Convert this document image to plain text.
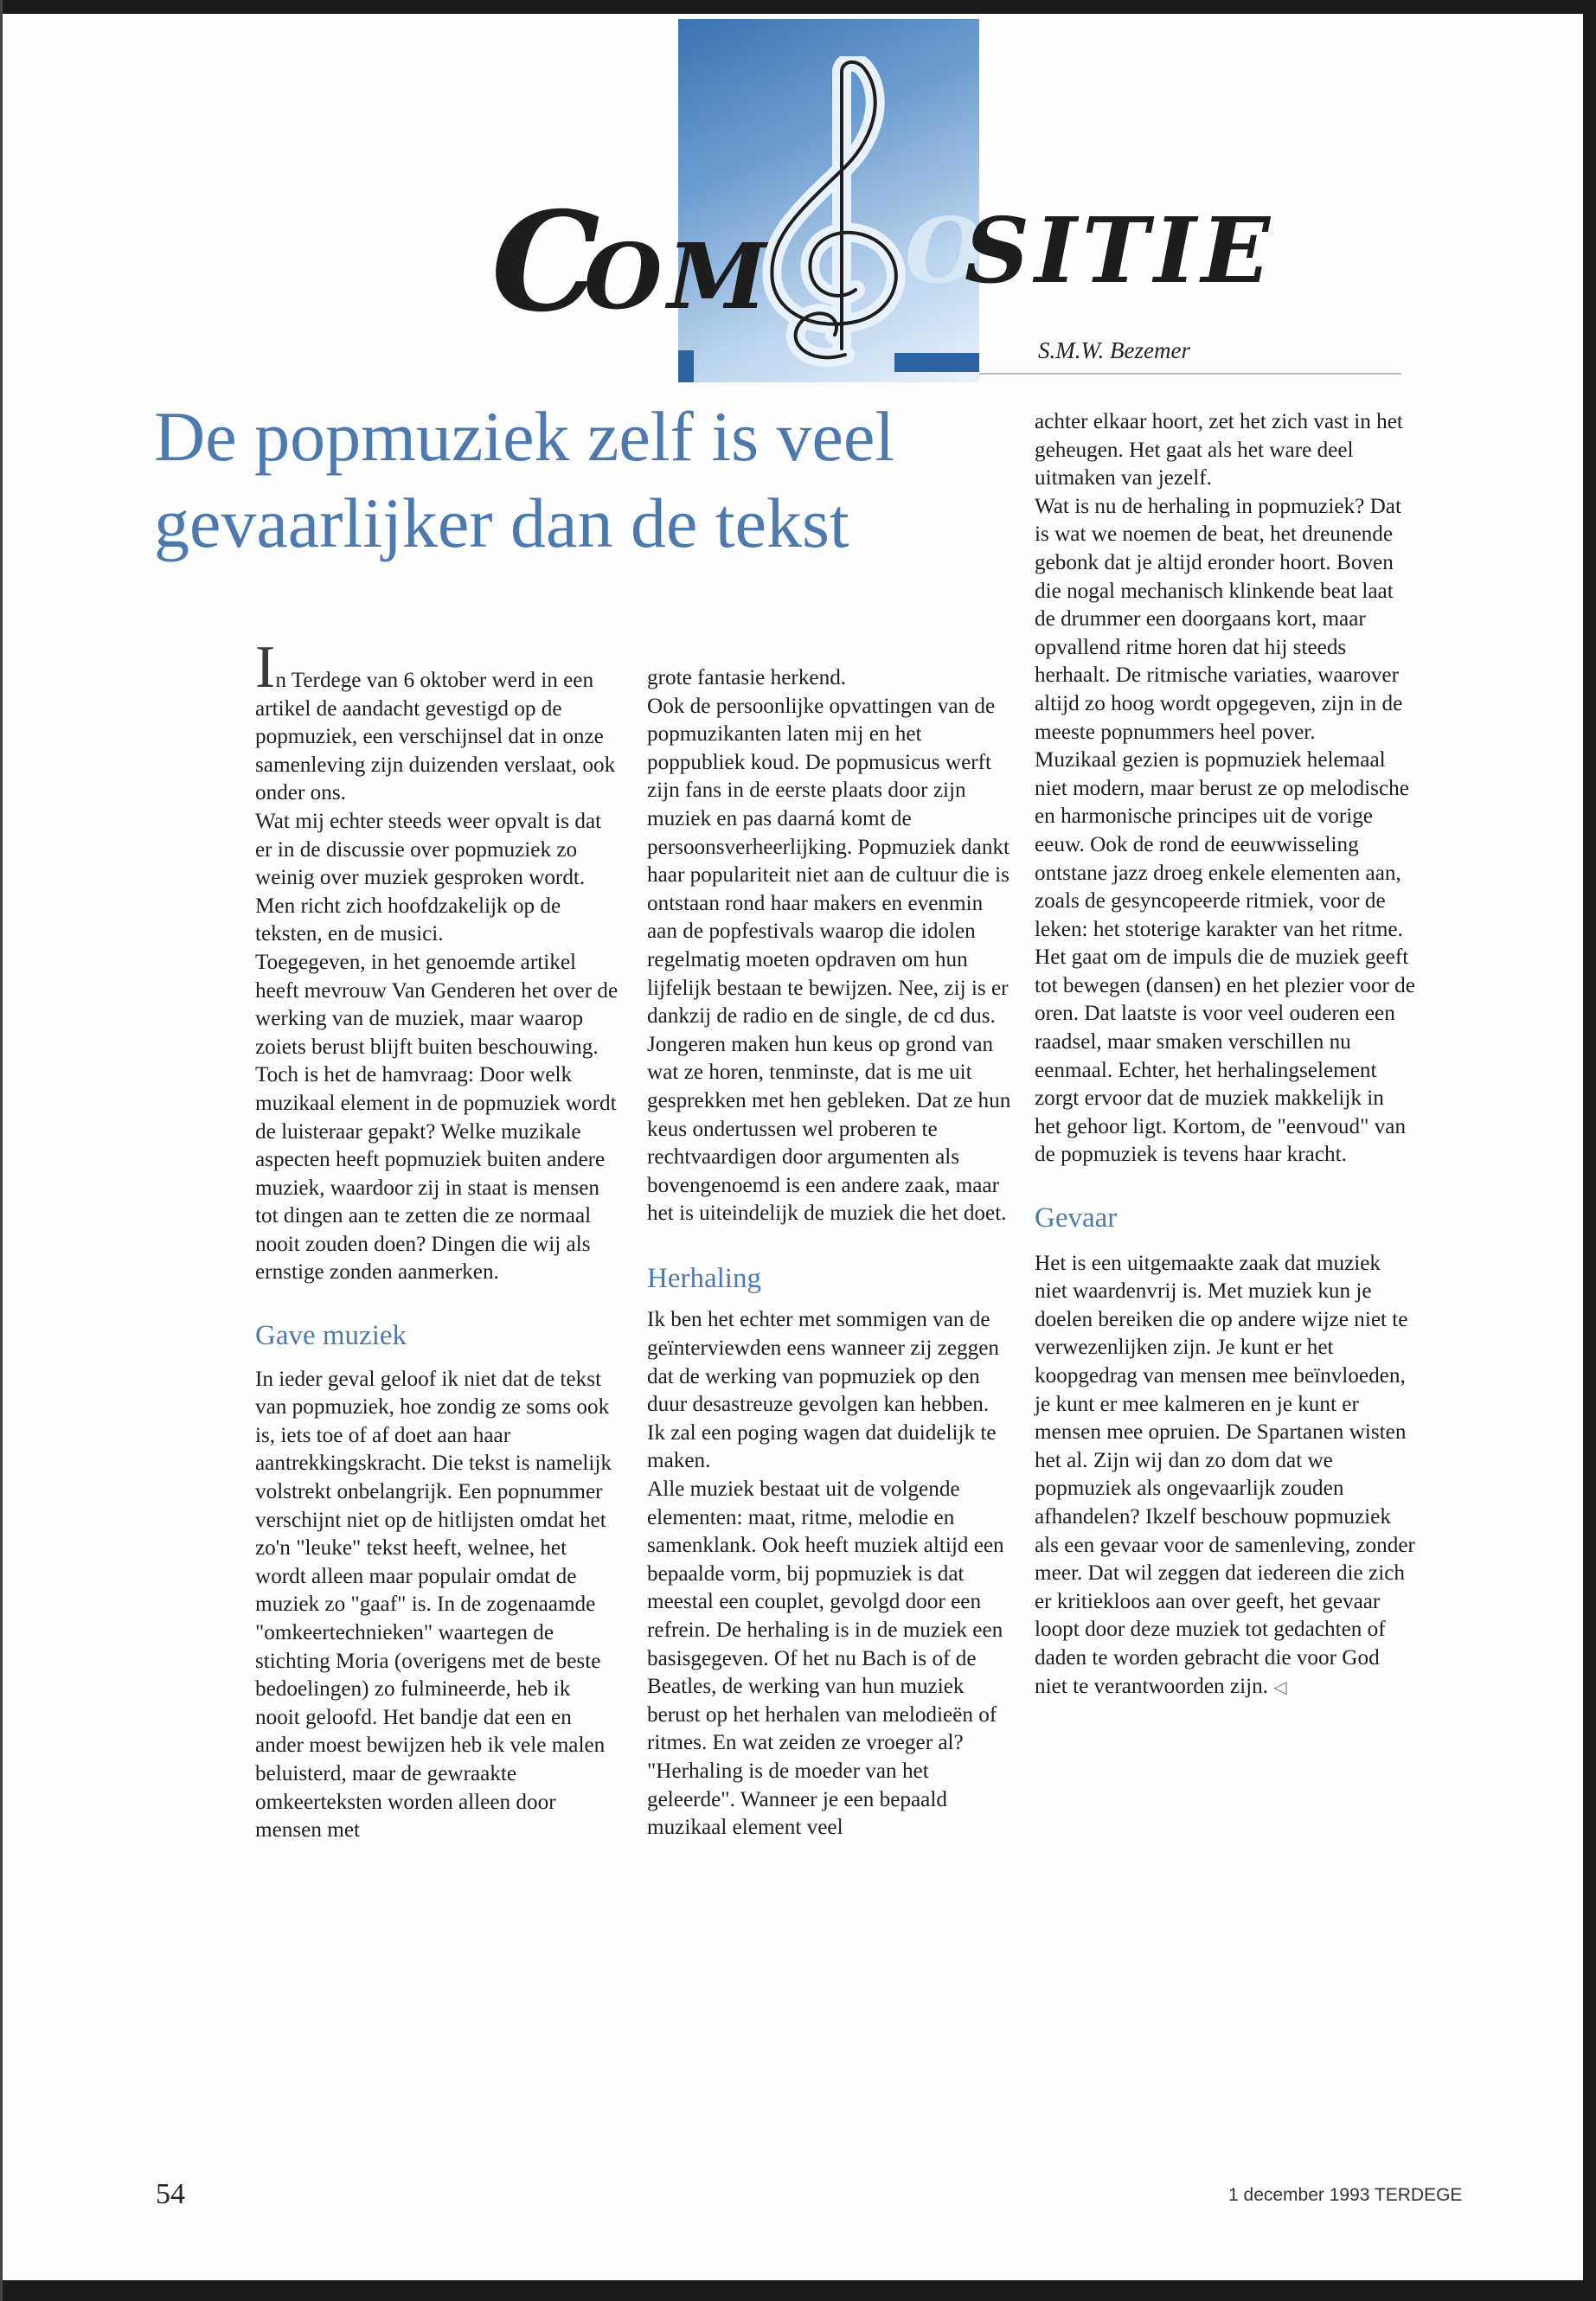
C
OM O
SITIE
S.M.W. Bezemer
De popmuziek zelf is veel gevaarlijker dan de tekst

In Terdege van 6 oktober werd in een artikel de aandacht gevestigd op de popmuziek, een verschijnsel dat in onze samenleving zijn duizenden verslaat, ook onder ons.

Wat mij echter steeds weer opvalt is dat er in de discussie over popmuziek zo weinig over muziek gesproken wordt. Men richt zich hoofdzakelijk op de teksten, en de musici.

Toegegeven, in het genoemde artikel heeft mevrouw Van Genderen het over de werking van de muziek, maar waarop zoiets berust blijft buiten beschouwing. Toch is het de hamvraag: Door welk muzikaal element in de popmuziek wordt de luisteraar gepakt? Welke muzikale aspecten heeft popmuziek buiten andere muziek, waardoor zij in staat is mensen tot dingen aan te zetten die ze normaal nooit zouden doen? Dingen die wij als ernstige zonden aanmerken.

Gave muziek

In ieder geval geloof ik niet dat de tekst van popmuziek, hoe zondig ze soms ook is, iets toe of af doet aan haar aantrekkingskracht. Die tekst is namelijk volstrekt onbelangrijk. Een popnummer verschijnt niet op de hitlijsten omdat het zo'n "leuke" tekst heeft, welnee, het wordt alleen maar populair omdat de muziek zo "gaaf" is. In de zogenaamde "omkeertechnieken" waartegen de stichting Moria (overigens met de beste bedoelingen) zo fulmineerde, heb ik nooit geloofd. Het bandje dat een en ander moest bewijzen heb ik vele malen beluisterd, maar de gewraakte omkeerteksten worden alleen door mensen met

grote fantasie herkend.

Ook de persoonlijke opvattingen van de popmuzikanten laten mij en het poppubliek koud. De popmusicus werft zijn fans in de eerste plaats door zijn muziek en pas daarná komt de persoonsverheerlijking. Popmuziek dankt haar populariteit niet aan de cultuur die is ontstaan rond haar makers en evenmin aan de popfestivals waarop die idolen regelmatig moeten opdraven om hun lijfelijk bestaan te bewijzen. Nee, zij is er dankzij de radio en de single, de cd dus. Jongeren maken hun keus op grond van wat ze horen, tenminste, dat is me uit gesprekken met hen gebleken. Dat ze hun keus ondertussen wel proberen te rechtvaardigen door argumenten als bovengenoemd is een andere zaak, maar het is uiteindelijk de muziek die het doet.

Herhaling

Ik ben het echter met sommigen van de geïnterviewden eens wanneer zij zeggen dat de werking van popmuziek op den duur desastreuze gevolgen kan hebben. Ik zal een poging wagen dat duidelijk te maken.

Alle muziek bestaat uit de volgende elementen: maat, ritme, melodie en samenklank. Ook heeft muziek altijd een bepaalde vorm, bij popmuziek is dat meestal een couplet, gevolgd door een refrein. De herhaling is in de muziek een basisgegeven. Of het nu Bach is of de Beatles, de werking van hun muziek berust op het herhalen van melodieën of ritmes. En wat zeiden ze vroeger al? "Herhaling is de moeder van het geleerde". Wanneer je een bepaald muzikaal element veel

achter elkaar hoort, zet het zich vast in het geheugen. Het gaat als het ware deel uitmaken van jezelf.

Wat is nu de herhaling in popmuziek? Dat is wat we noemen de beat, het dreunende gebonk dat je altijd eronder hoort. Boven die nogal mechanisch klinkende beat laat de drummer een doorgaans kort, maar opvallend ritme horen dat hij steeds herhaalt. De ritmische variaties, waarover altijd zo hoog wordt opgegeven, zijn in de meeste popnummers heel pover.

Muzikaal gezien is popmuziek helemaal niet modern, maar berust ze op melodische en harmonische principes uit de vorige eeuw. Ook de rond de eeuwwisseling ontstane jazz droeg enkele elementen aan, zoals de gesyncopeerde ritmiek, voor de leken: het stoterige karakter van het ritme. Het gaat om de impuls die de muziek geeft tot bewegen (dansen) en het plezier voor de oren. Dat laatste is voor veel ouderen een raadsel, maar smaken verschillen nu eenmaal. Echter, het herhalingselement zorgt ervoor dat de muziek makkelijk in het gehoor ligt. Kortom, de "eenvoud" van de popmuziek is tevens haar kracht.

Gevaar

Het is een uitgemaakte zaak dat muziek niet waardenvrij is. Met muziek kun je doelen bereiken die op andere wijze niet te verwezenlijken zijn. Je kunt er het koopgedrag van mensen mee beïnvloeden, je kunt er mee kalmeren en je kunt er mensen mee opruien. De Spartanen wisten het al. Zijn wij dan zo dom dat we popmuziek als ongevaarlijk zouden afhandelen? Ikzelf beschouw popmuziek als een gevaar voor de samenleving, zonder meer. Dat wil zeggen dat iedereen die zich er kritiekloos aan over geeft, het gevaar loopt door deze muziek tot gedachten of daden te worden gebracht die voor God niet te verantwoorden zijn. ◁

54	1 december 1993 TERDEGE
